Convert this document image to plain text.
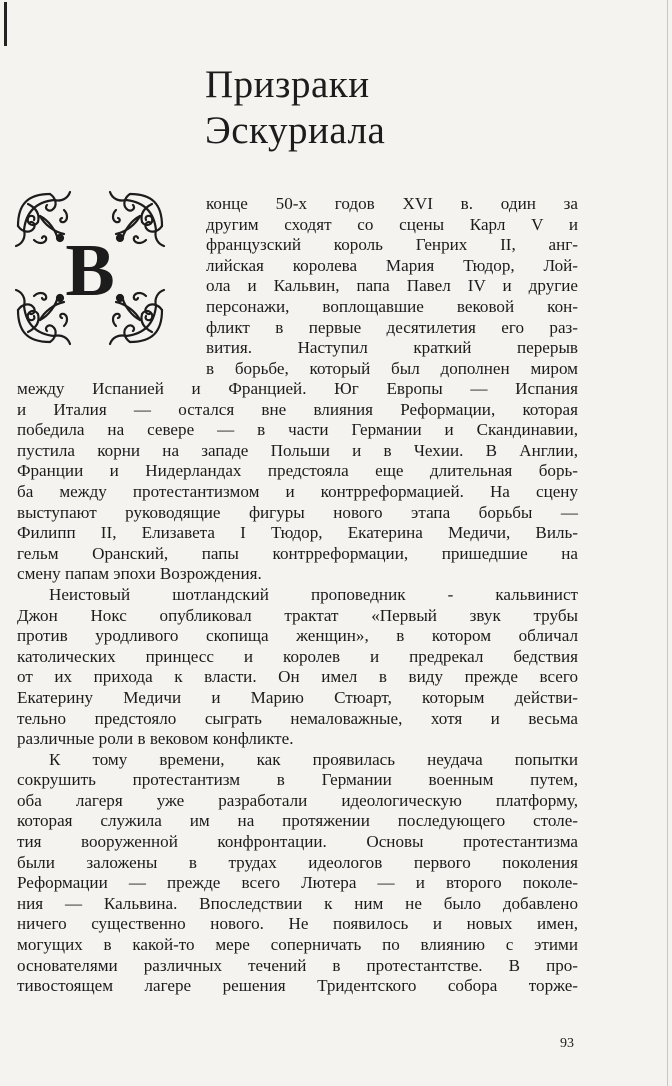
Призраки
Эскуриала
В
конце 50-х годов XVI в. один за
другим сходят со сцены Карл V и
французский король Генрих II, анг-
лийская королева Мария Тюдор, Лой-
ола и Кальвин, папа Павел IV и другие
персонажи, воплощавшие вековой кон-
фликт в первые десятилетия его раз-
вития. Наступил краткий перерыв
в борьбе, который был дополнен миром
между Испанией и Францией. Юг Европы — Испания
и Италия — остался вне влияния Реформации, которая
победила на севере — в части Германии и Скандинавии,
пустила корни на западе Польши и в Чехии. В Англии,
Франции и Нидерландах предстояла еще длительная борь-
ба между протестантизмом и контрреформацией. На сцену
выступают руководящие фигуры нового этапа борьбы —
Филипп II, Елизавета I Тюдор, Екатерина Медичи, Виль-
гельм Оранский, папы контрреформации, пришедшие на
смену папам эпохи Возрождения.
Неистовый шотландский проповедник - кальвинист
Джон Нокс опубликовал трактат «Первый звук трубы
против уродливого скопища женщин», в котором обличал
католических принцесс и королев и предрекал бедствия
от их прихода к власти. Он имел в виду прежде всего
Екатерину Медичи и Марию Стюарт, которым действи-
тельно предстояло сыграть немаловажные, хотя и весьма
различные роли в вековом конфликте.
К тому времени, как проявилась неудача попытки
сокрушить протестантизм в Германии военным путем,
оба лагеря уже разработали идеологическую платформу,
которая служила им на протяжении последующего столе-
тия вооруженной конфронтации. Основы протестантизма
были заложены в трудах идеологов первого поколения
Реформации — прежде всего Лютера — и второго поколе-
ния — Кальвина. Впоследствии к ним не было добавлено
ничего существенно нового. Не появилось и новых имен,
могущих в какой-то мере соперничать по влиянию с этими
основателями различных течений в протестантстве. В про-
тивостоящем лагере решения Тридентского собора торже-
93
